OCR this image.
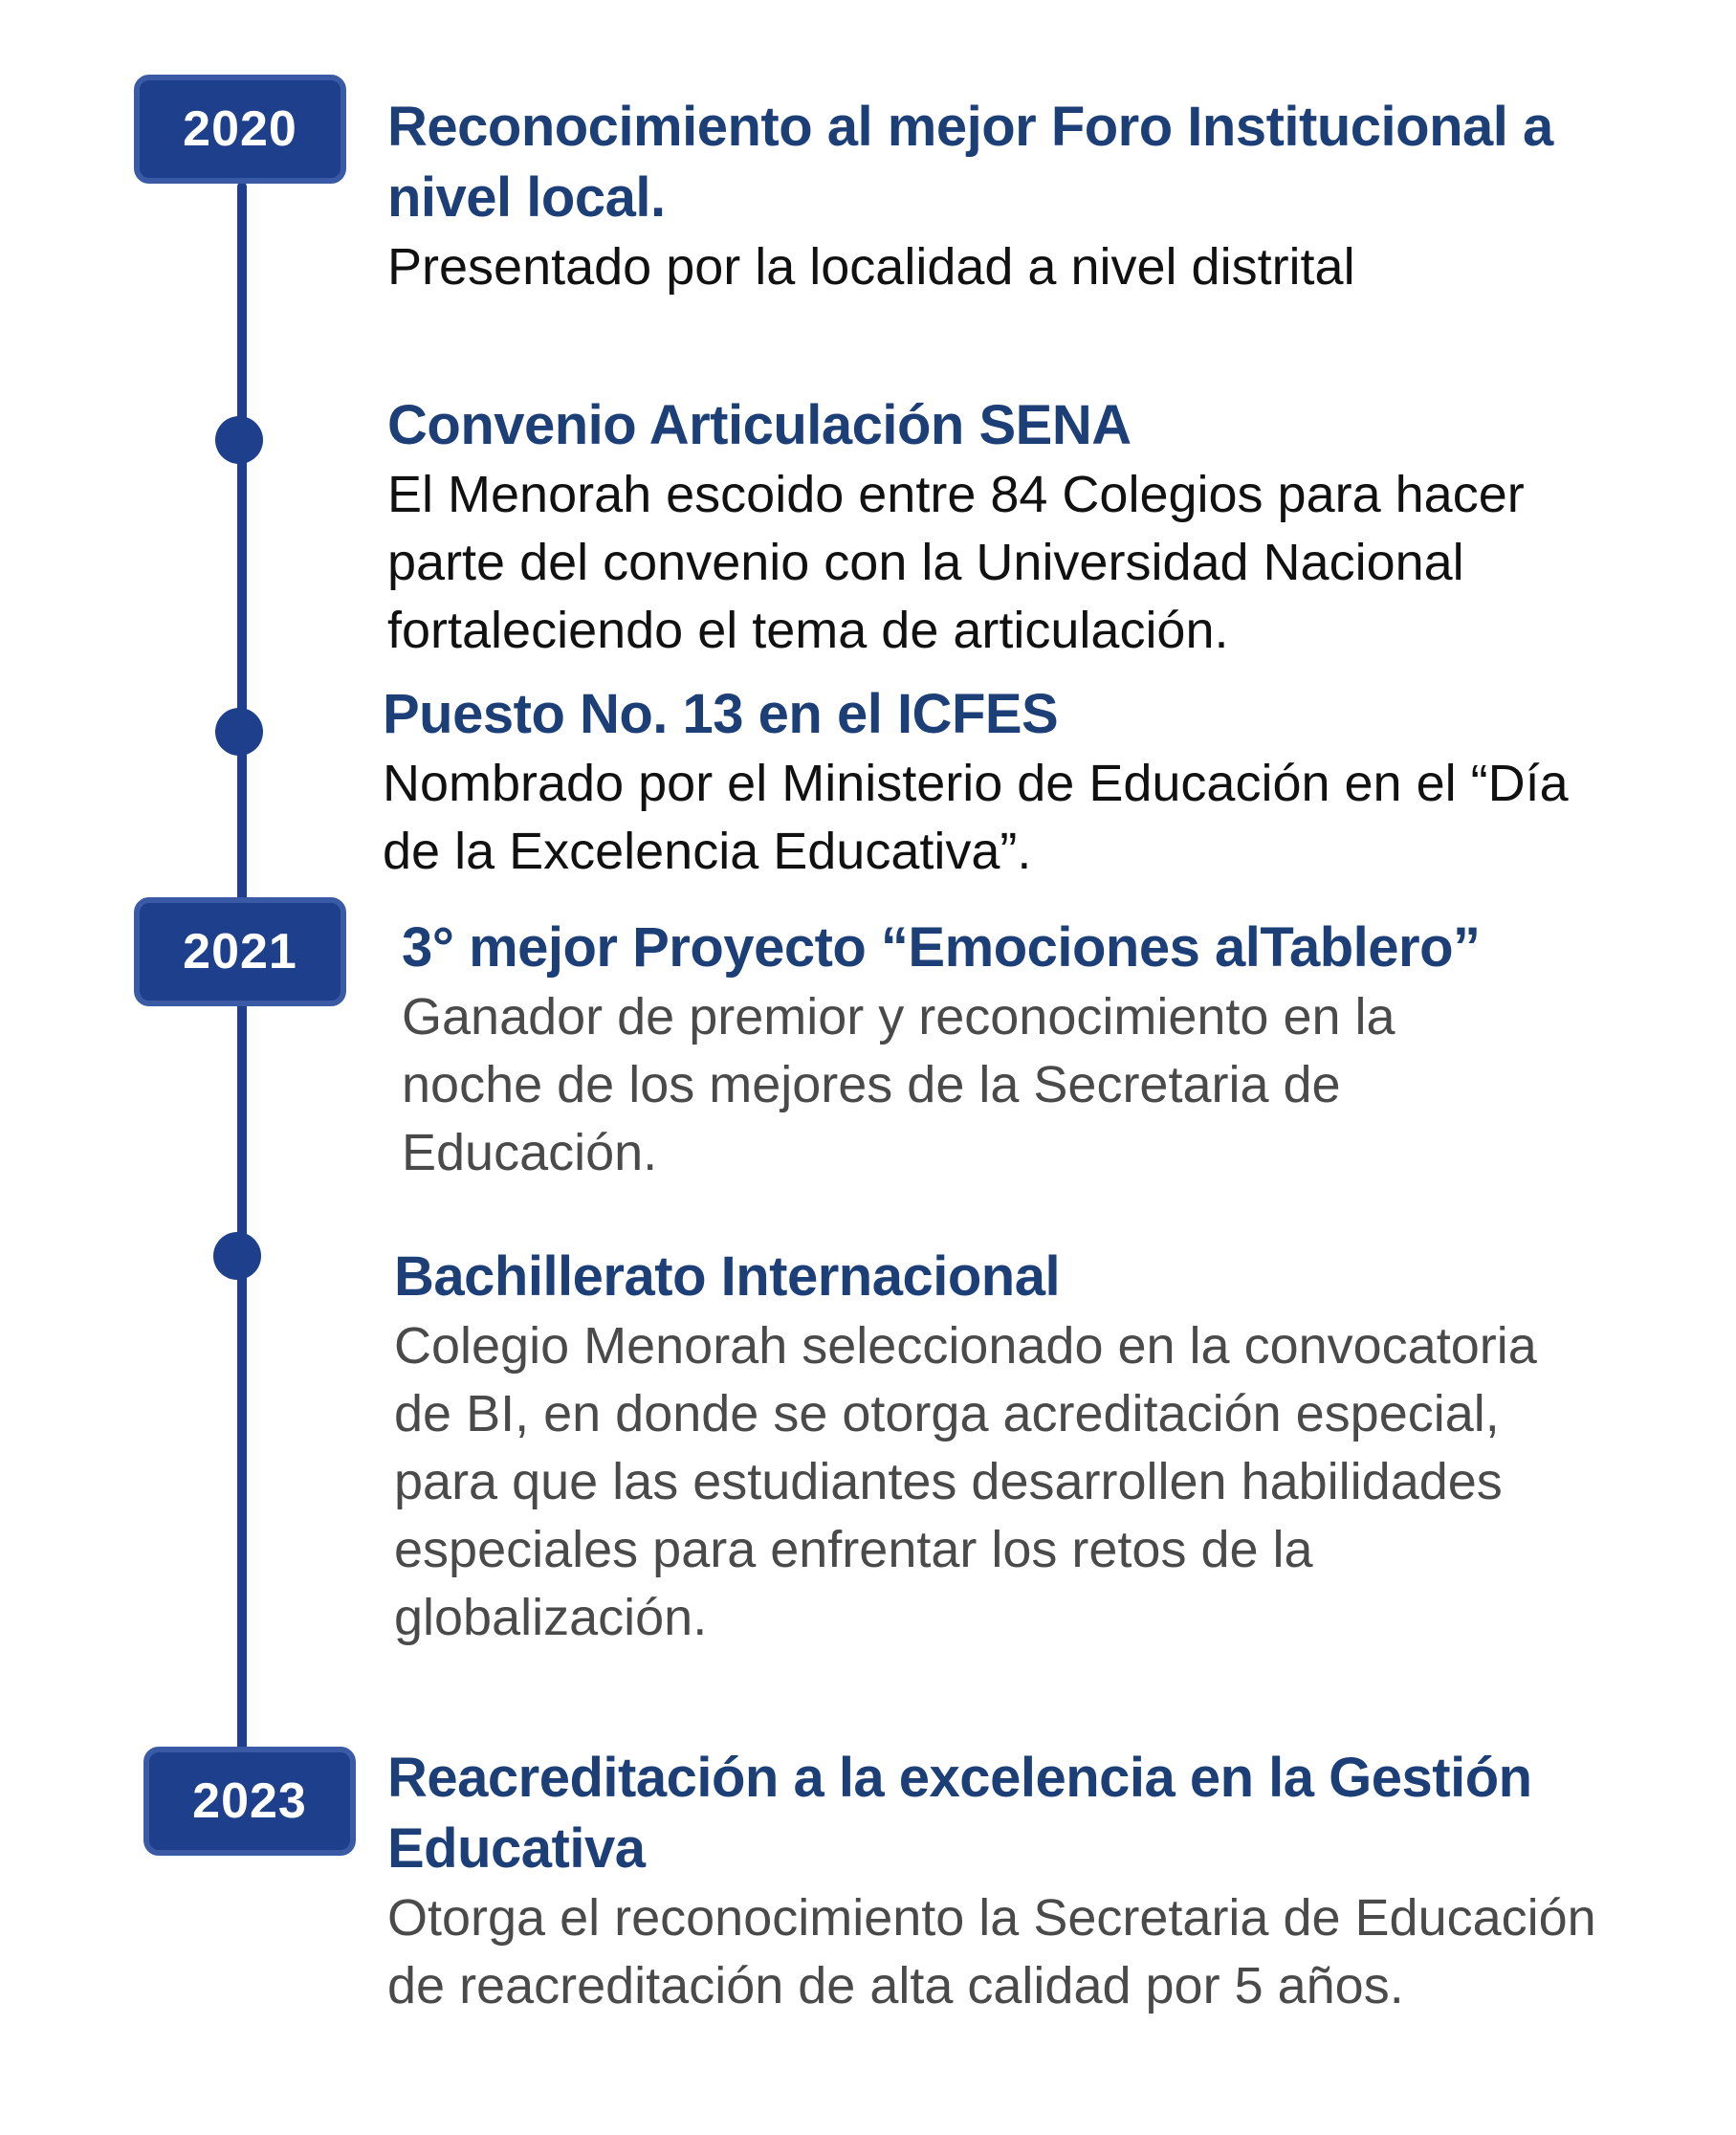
2020
2021
2023
Reconocimiento al mejor Foro Institucional a nivel local.
Presentado por la localidad a nivel distrital
Convenio Articulación SENA
El Menorah escoido entre 84 Colegios para hacer parte del convenio con la Universidad Nacional fortaleciendo el tema de articulación.
Puesto No. 13 en el ICFES
Nombrado por el Ministerio de Educación en el “Día de la Excelencia Educativa”.
3° mejor Proyecto “Emociones alTablero”
Ganador de premior y reconocimiento en la noche de los mejores de la Secretaria de Educación.
Bachillerato Internacional
Colegio Menorah seleccionado en la convocatoria de BI, en donde se otorga acreditación especial, para que las estudiantes desarrollen habilidades especiales para enfrentar los retos de la globalización.
Reacreditación a la excelencia en la Gestión Educativa
Otorga el reconocimiento la Secretaria de Educación de reacreditación de alta calidad por 5 años.
